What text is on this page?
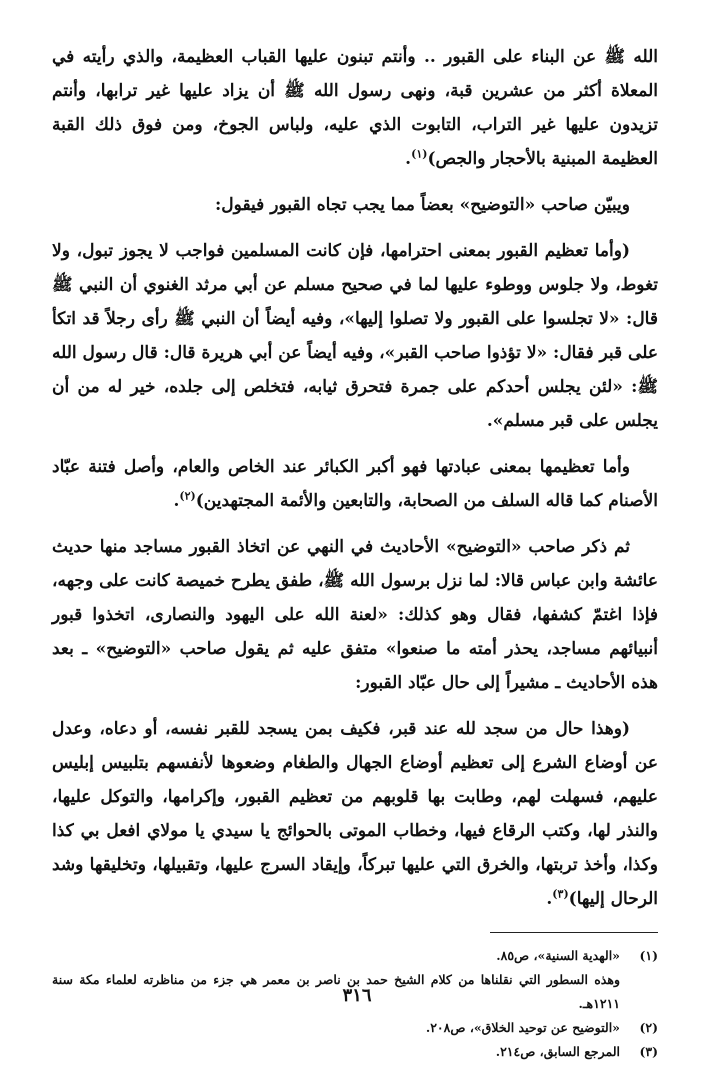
الله ﷺ عن البناء على القبور .. وأنتم تبنون عليها القباب العظيمة، والذي رأيته في المعلاة أكثر من عشرين قبة، ونهى رسول الله ﷺ أن يزاد عليها غير ترابها، وأنتم تزيدون عليها غير التراب، التابوت الذي عليه، ولباس الجوخ، ومن فوق ذلك القبة العظيمة المبنية بالأحجار والجص)$^{(١)}$.

ويبيّن صاحب «التوضيح» بعضاً مما يجب تجاه القبور فيقول:

(وأما تعظيم القبور بمعنى احترامها، فإن كانت المسلمين فواجب لا يجوز تبول، ولا تغوط، ولا جلوس ووطوء عليها لما في صحيح مسلم عن أبي مرثد الغنوي أن النبي ﷺ قال: «لا تجلسوا على القبور ولا تصلوا إليها»، وفيه أيضاً أن النبي ﷺ رأى رجلاً قد اتكأ على قبر فقال: «لا تؤذوا صاحب القبر»، وفيه أيضاً عن أبي هريرة قال: قال رسول الله ﷺ: «لئن يجلس أحدكم على جمرة فتحرق ثيابه، فتخلص إلى جلده، خير له من أن يجلس على قبر مسلم».

وأما تعظيمها بمعنى عبادتها فهو أكبر الكبائر عند الخاص والعام، وأصل فتنة عبّاد الأصنام كما قاله السلف من الصحابة، والتابعين والأئمة المجتهدين)$^{(٢)}$.

ثم ذكر صاحب «التوضيح» الأحاديث في النهي عن اتخاذ القبور مساجد منها حديث عائشة وابن عباس قالا: لما نزل برسول الله ﷺ، طفق يطرح خميصة كانت على وجهه، فإذا اغتمّ كشفها، فقال وهو كذلك: «لعنة الله على اليهود والنصارى، اتخذوا قبور أنبيائهم مساجد، يحذر أمته ما صنعوا» متفق عليه ثم يقول صاحب «التوضيح» ـ بعد هذه الأحاديث ـ مشيراً إلى حال عبّاد القبور:

(وهذا حال من سجد لله عند قبر، فكيف بمن يسجد للقبر نفسه، أو دعاه، وعدل عن أوضاع الشرع إلى تعظيم أوضاع الجهال والطغام وضعوها لأنفسهم بتلبيس إبليس عليهم، فسهلت لهم، وطابت بها قلوبهم من تعظيم القبور، وإكرامها، والتوكل عليها، والنذر لها، وكتب الرقاع فيها، وخطاب الموتى بالحوائج يا سيدي يا مولاي افعل بي كذا وكذا، وأخذ تربتها، والخرق التي عليها تبركاً، وإيقاد السرج عليها، وتقبيلها، وتخليقها وشد الرحال إليها)$^{(٣)}$.

(١)
«الهدية السنية»، ص٨٥.
وهذه السطور التي نقلناها من كلام الشيخ حمد بن ناصر بن معمر هي جزء من مناظرته لعلماء مكة سنة ١٢١١هـ.
(٢)
«التوضيح عن توحيد الخلاق»، ص٢٠٨.
(٣)
المرجع السابق، ص٢١٤.
٣١٦
